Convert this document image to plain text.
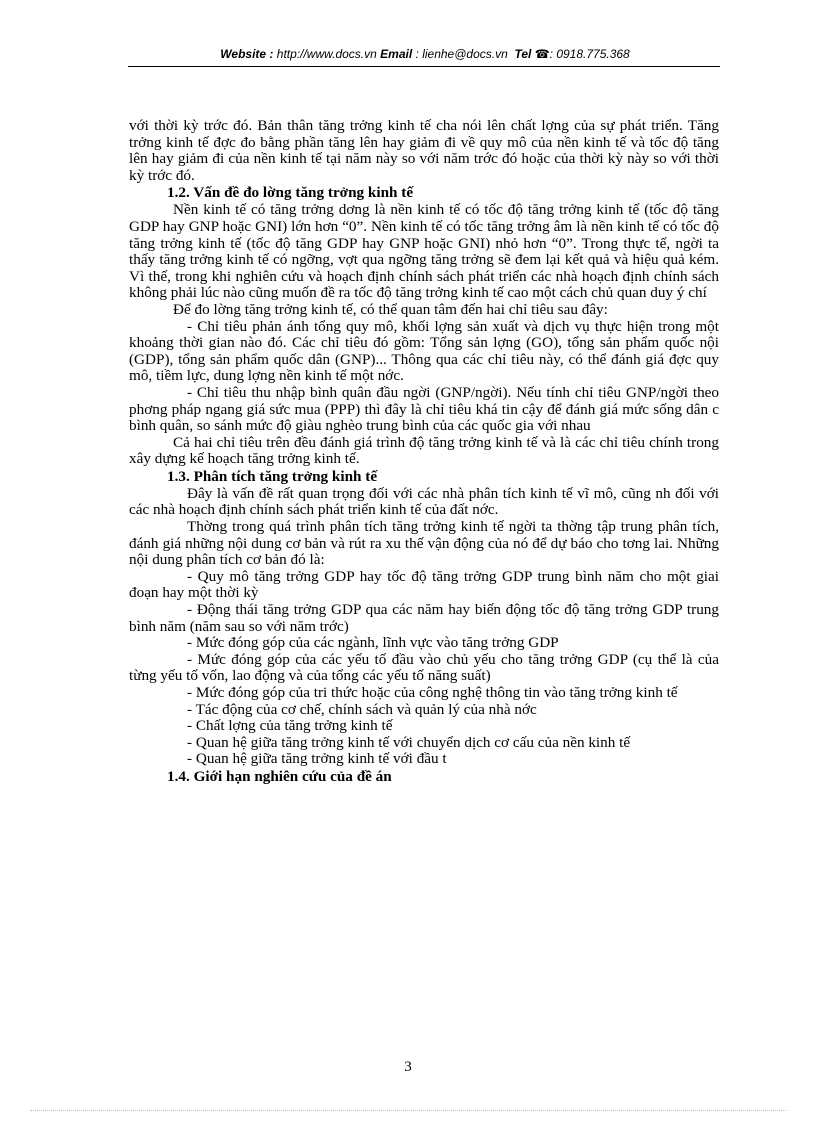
Website : http://www.docs.vn Email : lienhe@docs.vn Tel ☎: 0918.775.368

với thời kỳ trớc đó. Bản thân tăng trởng kinh tế cha nói lên chất lợng của sự phát triển. Tăng trởng kinh tế đợc đo bằng phần tăng lên hay giảm đi về quy mô của nền kinh tế và tốc độ tăng lên hay giảm đi của nền kinh tế tại năm này so với năm trớc đó hoặc của thời kỳ này so với thời kỳ trớc đó.

1.2. Vấn đề đo lờng tăng trởng kinh tế

Nền kinh tế có tăng trởng dơng là nền kinh tế có tốc độ tăng trởng kinh tế (tốc độ tăng GDP hay GNP hoặc GNI) lớn hơn “0”. Nền kinh tế có tốc tăng trởng âm là nền kinh tế có tốc độ tăng trởng kinh tế (tốc độ tăng GDP hay GNP hoặc GNI) nhỏ hơn “0”. Trong thực tế, ngời ta thấy tăng trởng kinh tế có ngỡng, vợt qua ngỡng tăng trởng sẽ đem lại kết quả và hiệu quả kém. Vì thế, trong khi nghiên cứu và hoạch định chính sách phát triển các nhà hoạch định chính sách không phải lúc nào cũng muốn đề ra tốc độ tăng trởng kinh tế cao một cách chủ quan duy ý chí

Để đo lờng tăng trởng kinh tế, có thể quan tâm đến hai chỉ tiêu sau đây:

- Chỉ tiêu phản ánh tổng quy mô, khối lợng sản xuất và dịch vụ thực hiện trong một khoảng thời gian nào đó. Các chỉ tiêu đó gồm: Tổng sản lợng (GO), tổng sản phẩm quốc nội (GDP), tổng sản phẩm quốc dân (GNP)... Thông qua các chỉ tiêu này, có thể đánh giá đợc quy mô, tiềm lực, dung lợng nền kinh tế một nớc.

- Chỉ tiêu thu nhập bình quân đầu ngời (GNP/ngời). Nếu tính chỉ tiêu GNP/ngời theo phơng pháp ngang giá sức mua (PPP) thì đây là chỉ tiêu khá tin cậy để đánh giá mức sống dân c bình quân, so sánh mức độ giàu nghèo trung bình của các quốc gia với nhau

Cả hai chỉ tiêu trên đều đánh giá trình độ tăng trởng kinh tế và là các chỉ tiêu chính trong xây dựng kế hoạch tăng trởng kinh tế.

1.3. Phân tích tăng trởng kinh tế

Đây là vấn đề rất quan trọng đối với các nhà phân tích kinh tế vĩ mô, cũng nh đối với các nhà hoạch định chính sách phát triển kinh tế của đất nớc.

Thờng trong quá trình phân tích tăng trởng kinh tế ngời ta thờng tập trung phân tích, đánh giá những nội dung cơ bản và rút ra xu thế vận động của nó để dự báo cho tơng lai. Những nội dung phân tích cơ bản đó là:

- Quy mô tăng trởng GDP hay tốc độ tăng trởng GDP trung bình năm cho một giai đoạn hay một thời kỳ

- Động thái tăng trởng GDP qua các năm hay biến động tốc độ tăng trởng GDP trung bình năm (năm sau so với năm trớc)

- Mức đóng góp của các ngành, lĩnh vực vào tăng trởng GDP

- Mức đóng góp của các yếu tố đầu vào chủ yếu cho tăng trởng GDP (cụ thể là của từng yếu tố vốn, lao động và của tổng các yếu tố năng suất)

- Mức đóng góp của tri thức hoặc của công nghệ thông tin vào tăng trởng kinh tế

- Tác động của cơ chế, chính sách và quản lý của nhà nớc

- Chất lợng của tăng trởng kinh tế

- Quan hệ giữa tăng trởng kinh tế với chuyển dịch cơ cấu của nền kinh tế

- Quan hệ giữa tăng trởng kinh tế với đầu t

1.4. Giới hạn nghiên cứu của đề án
3
